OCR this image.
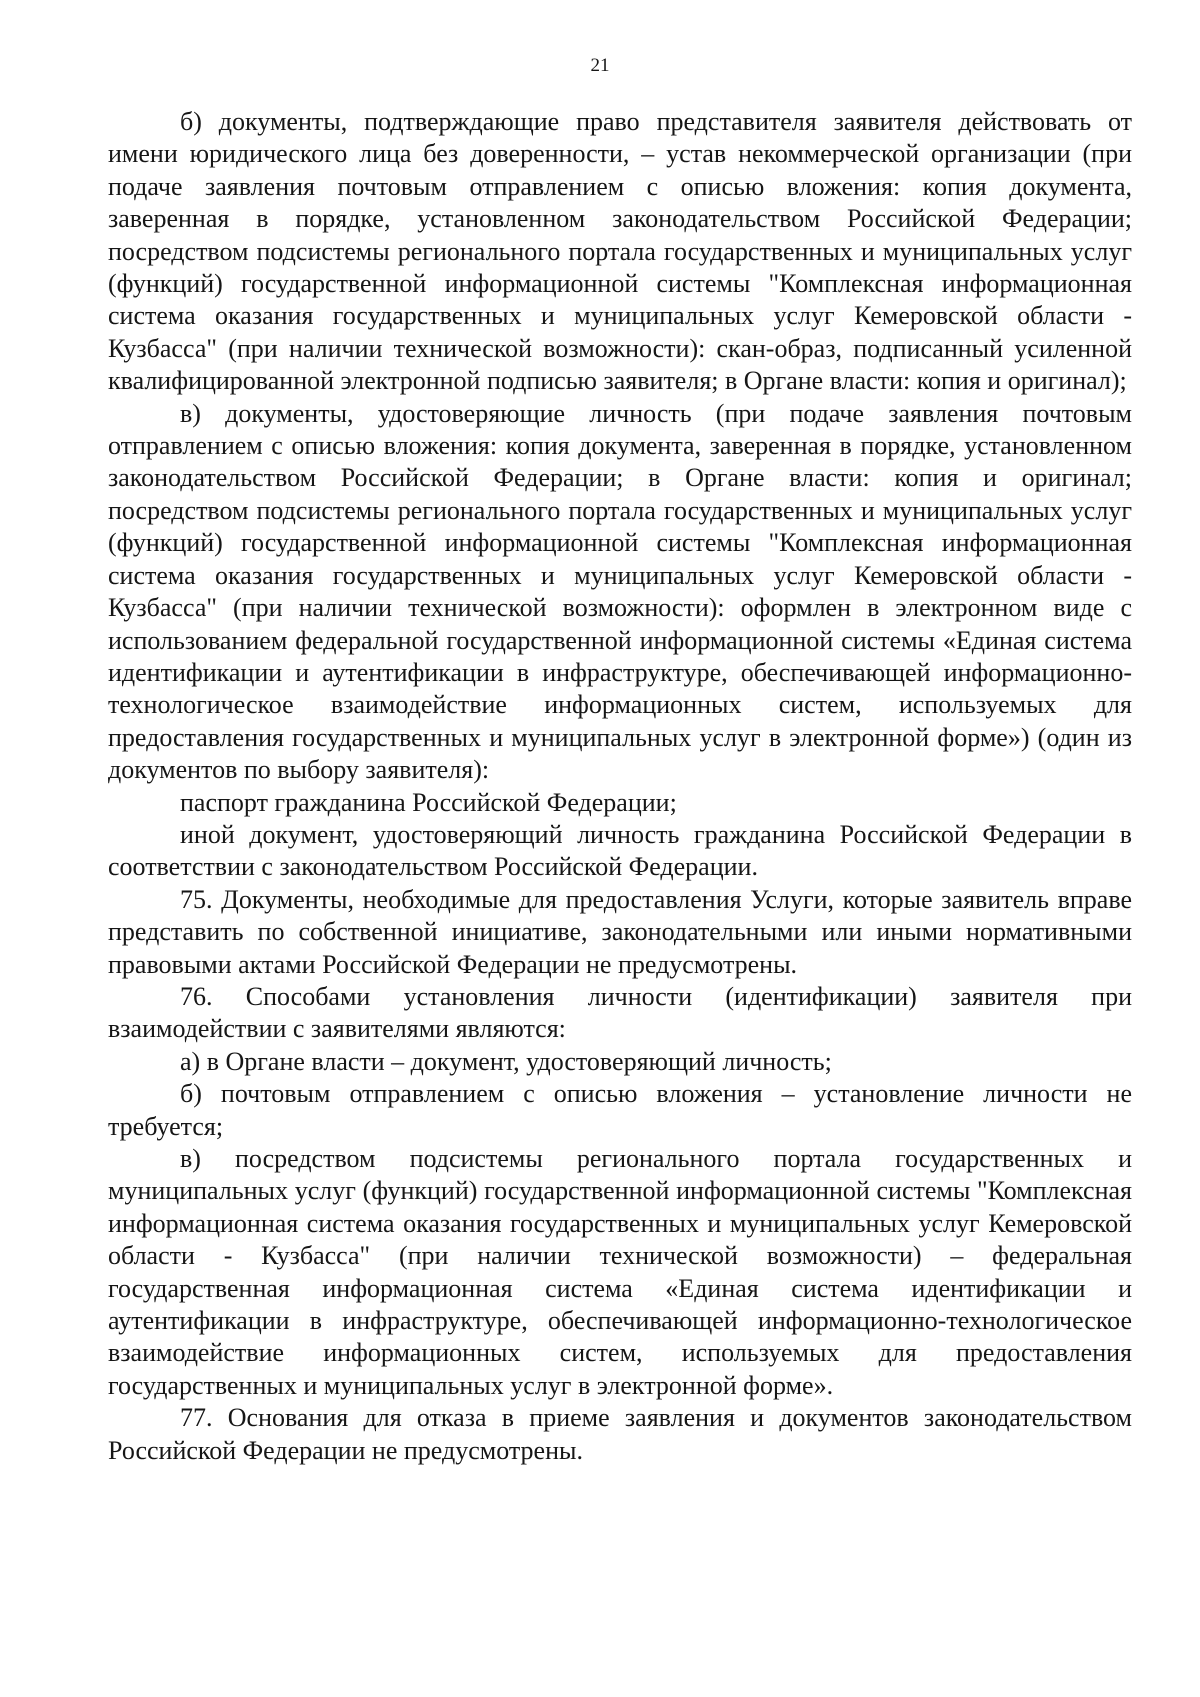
21

б) документы, подтверждающие право представителя заявителя действовать от имени юридического лица без доверенности, – устав некоммерческой организации (при подаче заявления почтовым отправлением с описью вложения: копия документа, заверенная в порядке, установленном законодательством Российской Федерации; посредством подсистемы регионального портала государственных и муниципальных услуг (функций) государственной информационной системы "Комплексная информационная система оказания государственных и муниципальных услуг Кемеровской области - Кузбасса" (при наличии технической возможности): скан-образ, подписанный усиленной квалифицированной электронной подписью заявителя; в Органе власти: копия и оригинал);

в) документы, удостоверяющие личность (при подаче заявления почтовым отправлением с описью вложения: копия документа, заверенная в порядке, установленном законодательством Российской Федерации; в Органе власти: копия и оригинал; посредством подсистемы регионального портала государственных и муниципальных услуг (функций) государственной информационной системы "Комплексная информационная система оказания государственных и муниципальных услуг Кемеровской области - Кузбасса" (при наличии технической возможности): оформлен в электронном виде с использованием федеральной государственной информационной системы «Единая система идентификации и аутентификации в инфраструктуре, обеспечивающей информационно-технологическое взаимодействие информационных систем, используемых для предоставления государственных и муниципальных услуг в электронной форме») (один из документов по выбору заявителя):

паспорт гражданина Российской Федерации;

иной документ, удостоверяющий личность гражданина Российской Федерации в соответствии с законодательством Российской Федерации.

75. Документы, необходимые для предоставления Услуги, которые заявитель вправе представить по собственной инициативе, законодательными или иными нормативными правовыми актами Российской Федерации не предусмотрены.

76. Способами установления личности (идентификации) заявителя при взаимодействии с заявителями являются:

а) в Органе власти – документ, удостоверяющий личность;

б) почтовым отправлением с описью вложения – установление личности не требуется;

в) посредством подсистемы регионального портала государственных и муниципальных услуг (функций) государственной информационной системы "Комплексная информационная система оказания государственных и муниципальных услуг Кемеровской области - Кузбасса" (при наличии технической возможности) – федеральная государственная информационная система «Единая система идентификации и аутентификации в инфраструктуре, обеспечивающей информационно-технологическое взаимодействие информационных систем, используемых для предоставления государственных и муниципальных услуг в электронной форме».

77. Основания для отказа в приеме заявления и документов законодательством Российской Федерации не предусмотрены.
